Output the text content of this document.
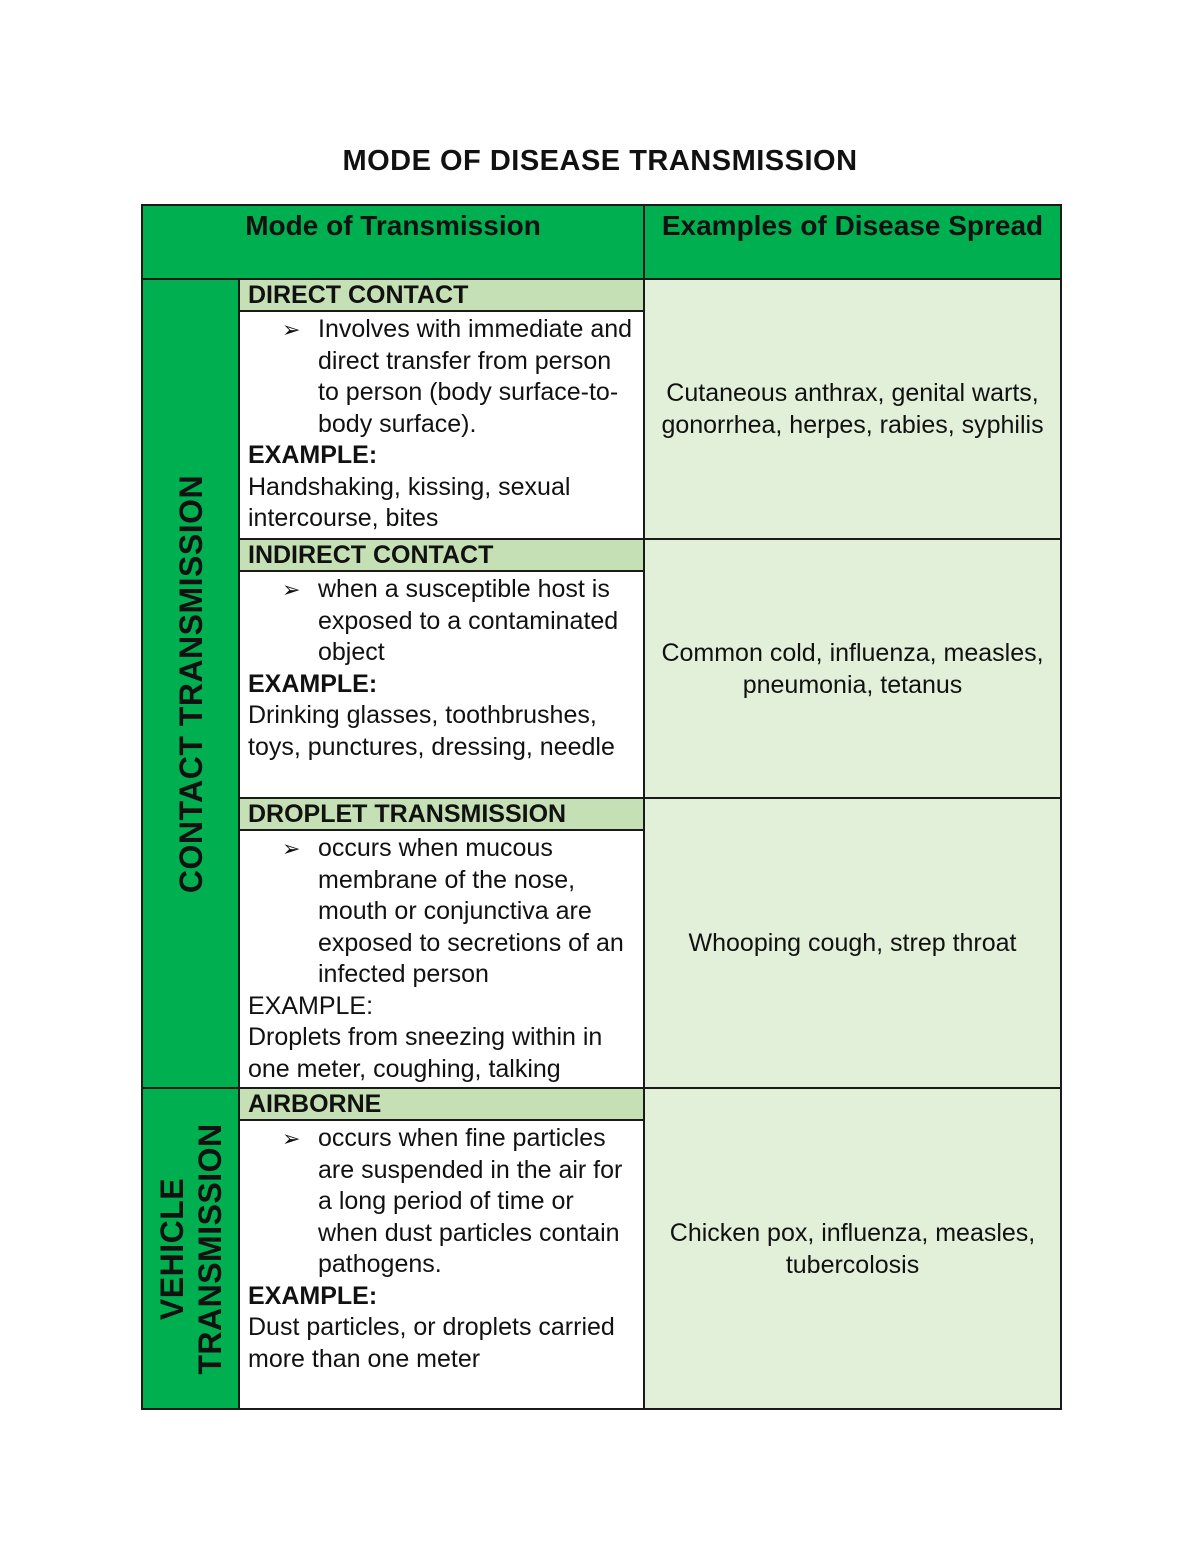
MODE OF DISEASE TRANSMISSION
Mode of Transmission		Examples of Disease Spread

CONTACT TRANSMISSION	DIRECT CONTACT	Cutaneous anthrax, genital warts, gonorrhea, herpes, rabies, syphilis

	➢ Involves with immediate and direct transfer from person to person (body surface-to-body surface).
EXAMPLE:
Handshaking, kissing, sexual intercourse, bites	

	INDIRECT CONTACT	Common cold, influenza, measles, pneumonia, tetanus

	➢ when a susceptible host is exposed to a contaminated object
EXAMPLE:
Drinking glasses, toothbrushes, toys, punctures, dressing, needle	

	DROPLET TRANSMISSION	Whooping cough, strep throat

	➢ occurs when mucous membrane of the nose, mouth or conjunctiva are exposed to secretions of an infected person
EXAMPLE:
Droplets from sneezing within in one meter, coughing, talking	

VEHICLE TRANSMISSION	AIRBORNE	Chicken pox, influenza, measles, tubercolosis

	➢ occurs when fine particles are suspended in the air for a long period of time or when dust particles contain pathogens.
EXAMPLE:
Dust particles, or droplets carried more than one meter	
